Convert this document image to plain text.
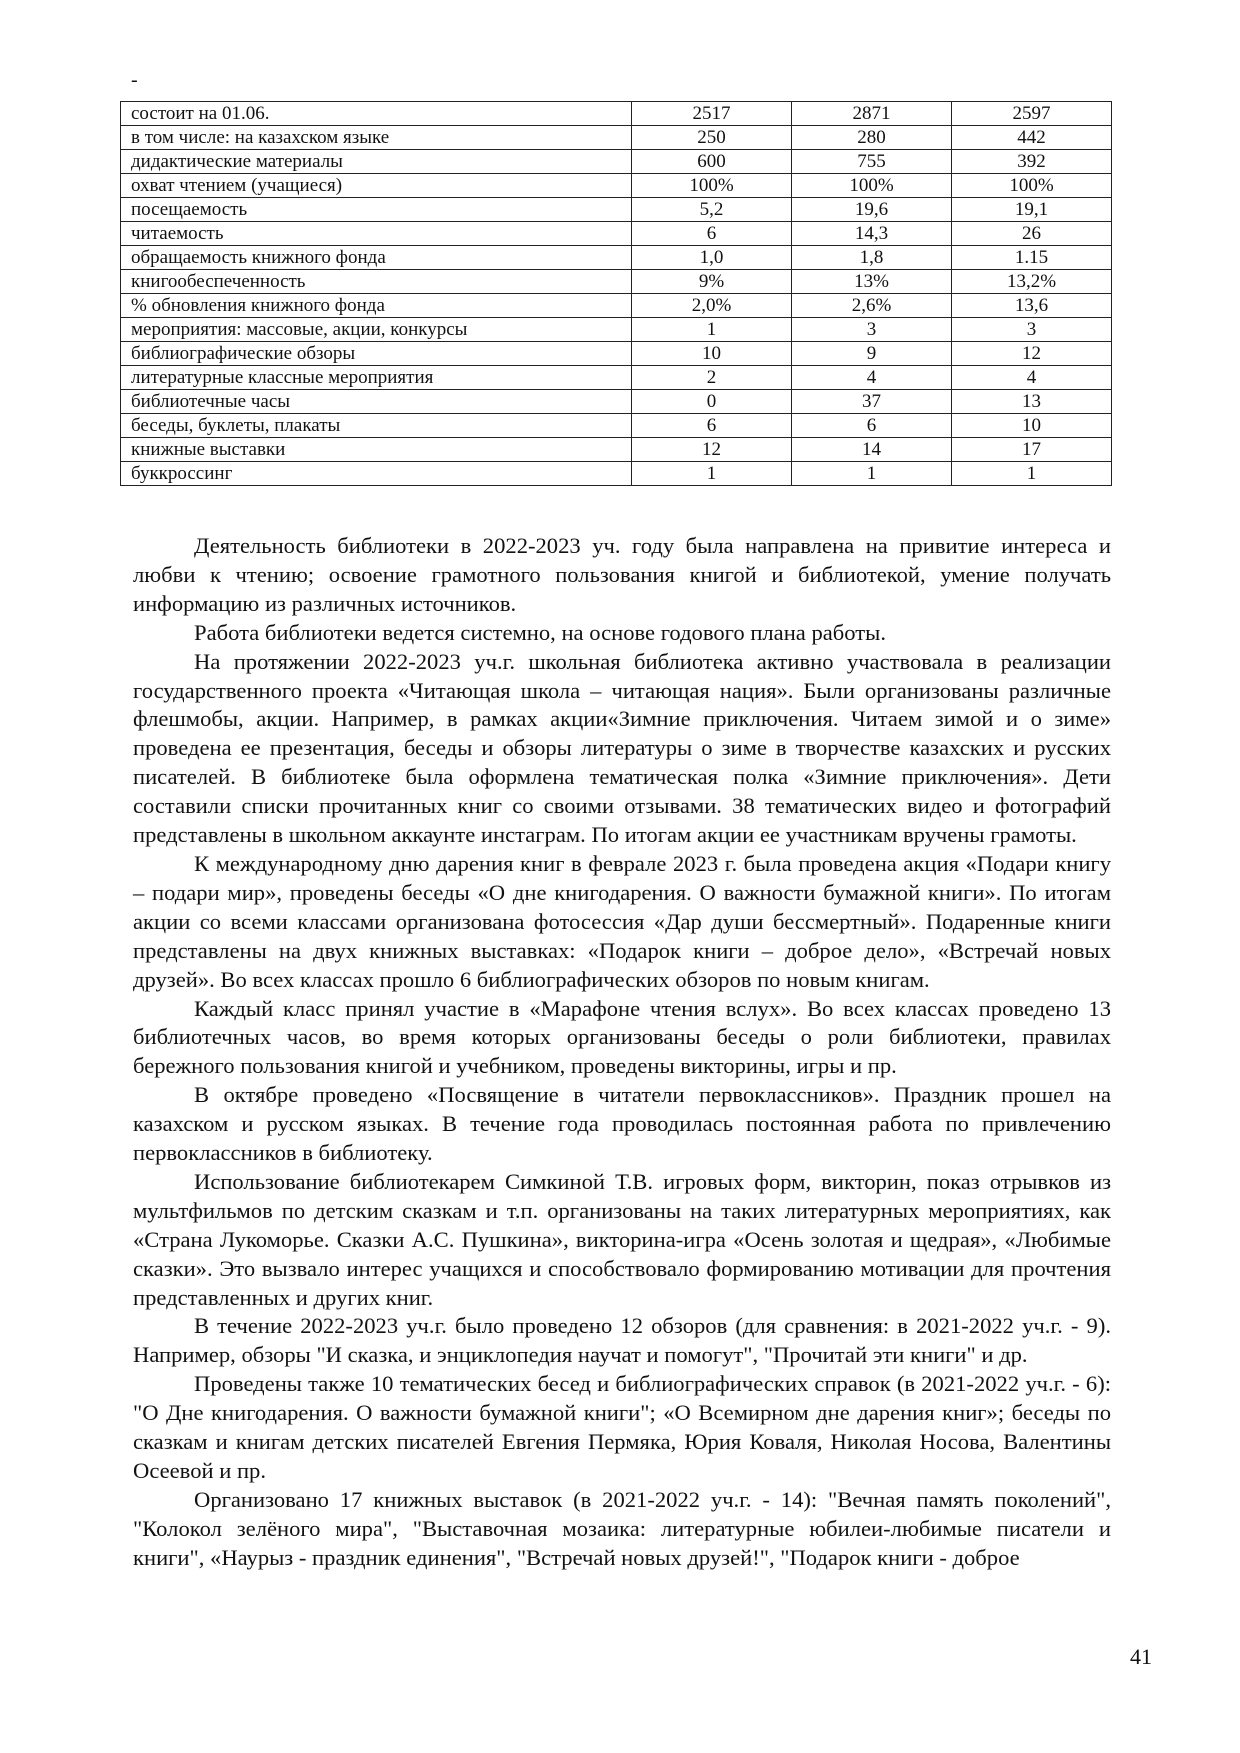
-
состоит на 01.06.	2517	2871	2597
в том числе: на казахском языке	250	280	442
дидактические материалы	600	755	392
охват чтением (учащиеся)	100%	100%	100%
посещаемость	5,2	19,6	19,1
читаемость	6	14,3	26
обращаемость книжного фонда	1,0	1,8	1.15
книгообеспеченность	9%	13%	13,2%
% обновления книжного фонда	2,0%	2,6%	13,6
мероприятия: массовые, акции, конкурсы	1	3	3
библиографические обзоры	10	9	12
литературные классные мероприятия	2	4	4
библиотечные часы	0	37	13
беседы, буклеты, плакаты	6	6	10
книжные выставки	12	14	17
буккроссинг	1	1	1

Деятельность библиотеки в 2022-2023 уч. году была направлена на привитие интереса и любви к чтению; освоение грамотного пользования книгой и библиотекой, умение получать информацию из различных источников.

Работа библиотеки ведется системно, на основе годового плана работы.

На протяжении 2022-2023 уч.г. школьная библиотека активно участвовала в реализации государственного проекта «Читающая школа – читающая нация». Были организованы различные флешмобы, акции. Например, в рамках акции«Зимние приключения. Читаем зимой и о зиме» проведена ее презентация, беседы и обзоры литературы о зиме в творчестве казахских и русских писателей. В библиотеке была оформлена тематическая полка «Зимние приключения». Дети составили списки прочитанных книг со своими отзывами. 38 тематических видео и фотографий представлены в школьном аккаунте инстаграм. По итогам акции ее участникам вручены грамоты.

К международному дню дарения книг в феврале 2023 г. была проведена акция «Подари книгу – подари мир», проведены беседы «О дне книгодарения. О важности бумажной книги». По итогам акции со всеми классами организована фотосессия «Дар души бессмертный». Подаренные книги представлены на двух книжных выставках: «Подарок книги – доброе дело», «Встречай новых друзей». Во всех классах прошло 6 библиографических обзоров по новым книгам.

Каждый класс принял участие в «Марафоне чтения вслух». Во всех классах проведено 13 библиотечных часов, во время которых организованы беседы о роли библиотеки, правилах бережного пользования книгой и учебником, проведены викторины, игры и пр.

В октябре проведено «Посвящение в читатели первоклассников». Праздник прошел на казахском и русском языках. В течение года проводилась постоянная работа по привлечению первоклассников в библиотеку.

Использование библиотекарем Симкиной Т.В. игровых форм, викторин, показ отрывков из мультфильмов по детским сказкам и т.п. организованы на таких литературных мероприятиях, как «Страна Лукоморье. Сказки А.С. Пушкина», викторина-игра «Осень золотая и щедрая», «Любимые сказки». Это вызвало интерес учащихся и способствовало формированию мотивации для прочтения представленных и других книг.

В течение 2022-2023 уч.г. было проведено 12 обзоров (для сравнения: в 2021-2022 уч.г. - 9). Например, обзоры "И сказка, и энциклопедия научат и помогут", "Прочитай эти книги" и др.

Проведены также 10 тематических бесед и библиографических справок (в 2021-2022 уч.г. - 6): "О Дне книгодарения. О важности бумажной книги"; «О Всемирном дне дарения книг»; беседы по сказкам и книгам детских писателей Евгения Пермяка, Юрия Коваля, Николая Носова, Валентины Осеевой и пр.

Организовано 17 книжных выставок (в 2021-2022 уч.г. - 14): "Вечная память поколений", "Колокол зелёного мира", "Выставочная мозаика: литературные юбилеи-любимые писатели и книги", «Наурыз - праздник единения", "Встречай новых друзей!", "Подарок книги - доброе

41
